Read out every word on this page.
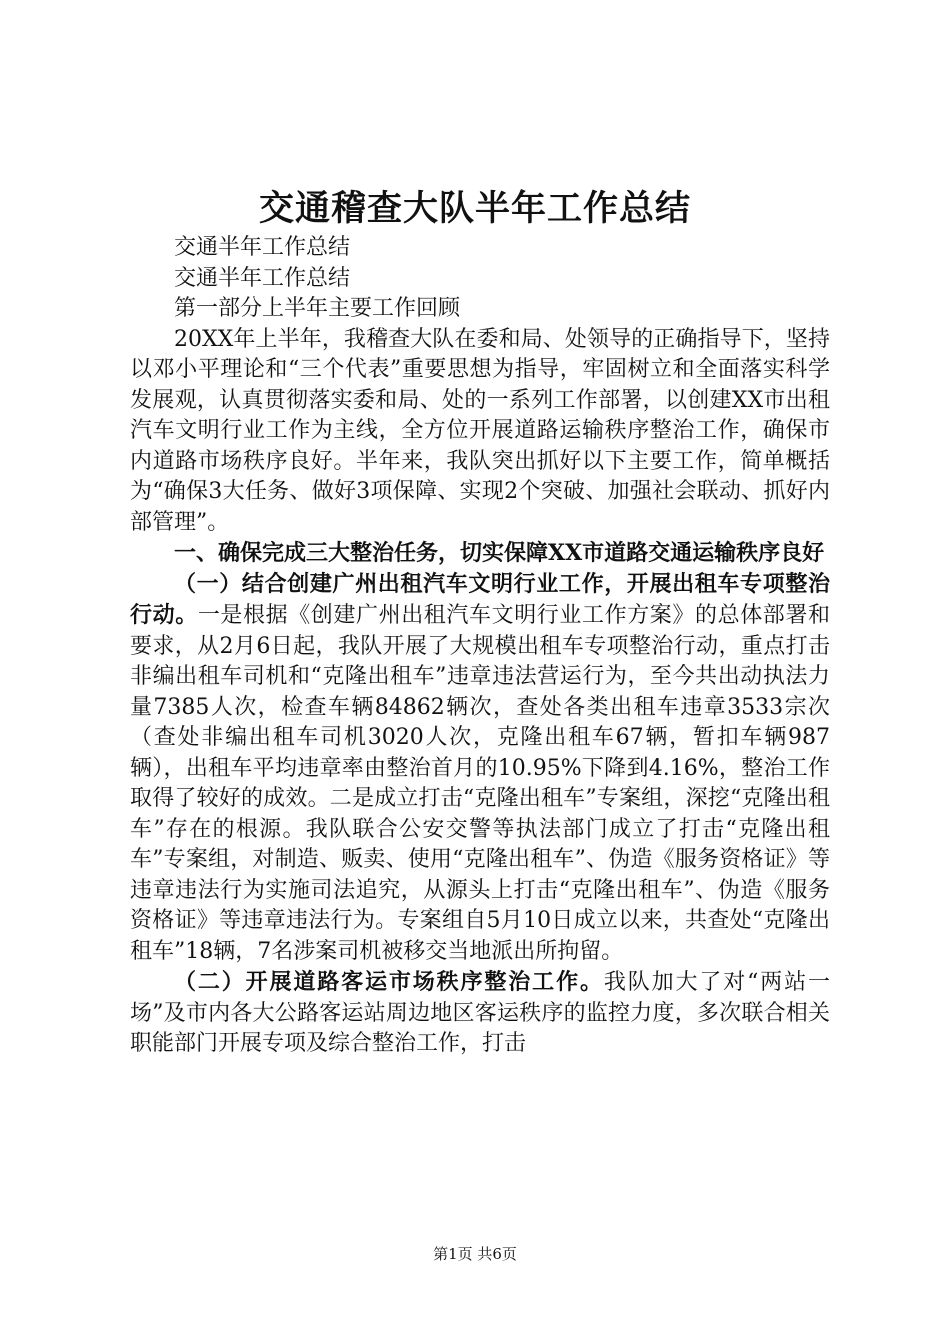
交通稽查大队半年工作总结
交通半年工作总结
交通半年工作总结
第一部分上半年主要工作回顾

20XX年上半年，我稽查大队在委和局、处领导的正确指导下，坚持以邓小平理论和“三个代表”重要思想为指导，牢固树立和全面落实科学发展观，认真贯彻落实委和局、处的一系列工作部署，以创建XX市出租汽车文明行业工作为主线，全方位开展道路运输秩序整治工作，确保市内道路市场秩序良好。半年来，我队突出抓好以下主要工作，简单概括为“确保3大任务、做好3项保障、实现2个突破、加强社会联动、抓好内部管理”。

一、确保完成三大整治任务，切实保障XX市道路交通运输秩序良好

（一）结合创建广州出租汽车文明行业工作，开展出租车专项整治行动。一是根据《创建广州出租汽车文明行业工作方案》的总体部署和要求，从2月6日起，我队开展了大规模出租车专项整治行动，重点打击非编出租车司机和“克隆出租车”违章违法营运行为，至今共出动执法力量7385人次，检查车辆84862辆次，查处各类出租车违章3533宗次（查处非编出租车司机3020人次，克隆出租车67辆，暂扣车辆987辆），出租车平均违章率由整治首月的10.95%下降到4.16%，整治工作取得了较好的成效。二是成立打击“克隆出租车”专案组，深挖“克隆出租车”存在的根源。我队联合公安交警等执法部门成立了打击“克隆出租车”专案组，对制造、贩卖、使用“克隆出租车”、伪造《服务资格证》等违章违法行为实施司法追究，从源头上打击“克隆出租车”、伪造《服务资格证》等违章违法行为。专案组自5月10日成立以来，共查处“克隆出租车”18辆，7名涉案司机被移交当地派出所拘留。

（二）开展道路客运市场秩序整治工作。我队加大了对“两站一场”及市内各大公路客运站周边地区客运秩序的监控力度，多次联合相关职能部门开展专项及综合整治工作，打击

第1页 共6页
